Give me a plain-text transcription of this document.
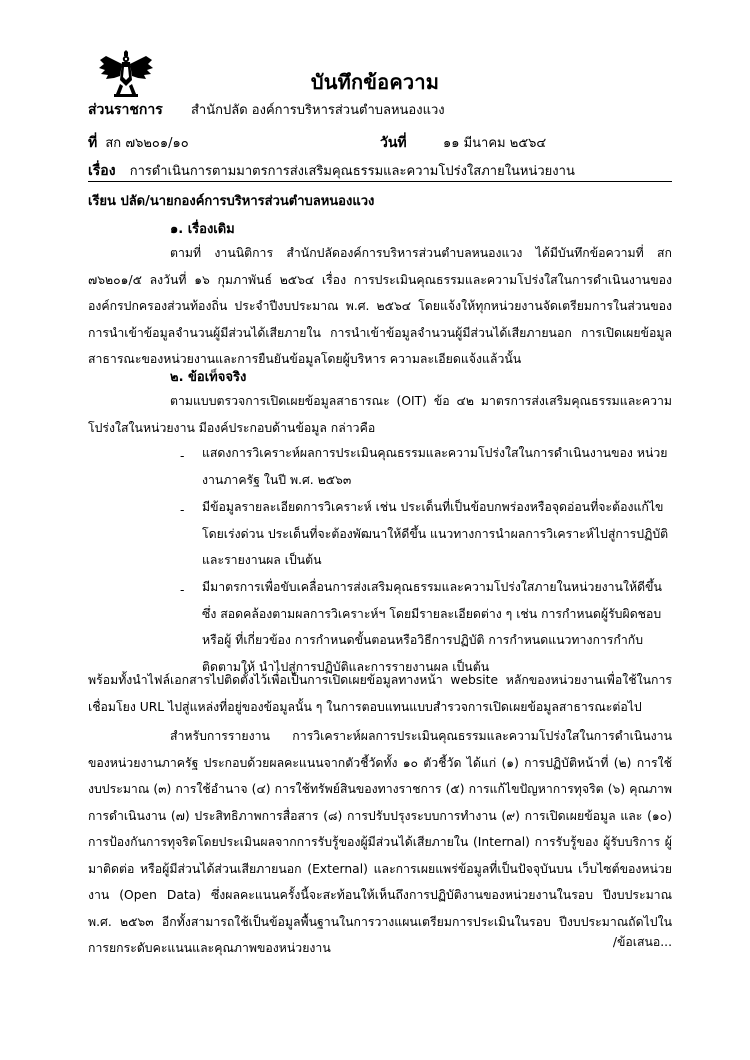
บันทึกข้อความ
ส่วนราชการ สำนักปลัด องค์การบริหารส่วนตำบลหนองแวง
ที่ สก ๗๖๒๐๑/๑๐	วันที่	๑๑ มีนาคม ๒๕๖๔
เรื่อง การดำเนินการตามมาตรการส่งเสริมคุณธรรมและความโปร่งใสภายในหน่วยงาน
เรียน ปลัด/นายกองค์การบริหารส่วนตำบลหนองแวง
๑. เรื่องเดิม

ตามที่ งานนิติการ สำนักปลัดองค์การบริหารส่วนตำบลหนองแวง ได้มีบันทึกข้อความที่ สก ๗๖๒๐๑/๕ ลงวันที่ ๑๖ กุมภาพันธ์ ๒๕๖๔ เรื่อง การประเมินคุณธรรมและความโปร่งใสในการดำเนินงานของ องค์กรปกครองส่วนท้องถิ่น ประจำปีงบประมาณ พ.ศ. ๒๕๖๔ โดยแจ้งให้ทุกหน่วยงานจัดเตรียมการในส่วนของ การนำเข้าข้อมูลจำนวนผู้มีส่วนได้เสียภายใน การนำเข้าข้อมูลจำนวนผู้มีส่วนได้เสียภายนอก การเปิดเผยข้อมูล สาธารณะของหน่วยงานและการยืนยันข้อมูลโดยผู้บริหาร ความละเอียดแจ้งแล้วนั้น

๒. ข้อเท็จจริง

ตามแบบตรวจการเปิดเผยข้อมูลสาธารณะ (OIT) ข้อ ๔๒ มาตรการส่งเสริมคุณธรรมและความ โปร่งใสในหน่วยงาน มีองค์ประกอบด้านข้อมูล กล่าวคือ

- แสดงการวิเคราะห์ผลการประเมินคุณธรรมและความโปร่งใสในการดำเนินงานของ หน่วยงานภาครัฐ ในปี พ.ศ. ๒๕๖๓

- มีข้อมูลรายละเอียดการวิเคราะห์ เช่น ประเด็นที่เป็นข้อบกพร่องหรือจุดอ่อนที่จะต้องแก้ไข โดยเร่งด่วน ประเด็นที่จะต้องพัฒนาให้ดีขึ้น แนวทางการนำผลการวิเคราะห์ไปสู่การปฏิบัติ และรายงานผล เป็นต้น

- มีมาตรการเพื่อขับเคลื่อนการส่งเสริมคุณธรรมและความโปร่งใสภายในหน่วยงานให้ดีขึ้น ซึ่ง สอดคล้องตามผลการวิเคราะห์ฯ โดยมีรายละเอียดต่าง ๆ เช่น การกำหนดผู้รับผิดชอบหรือผู้ ที่เกี่ยวข้อง การกำหนดขั้นตอนหรือวิธีการปฏิบัติ การกำหนดแนวทางการกำกับติดตามให้ นำไปสู่การปฏิบัติและการรายงานผล เป็นต้น

พร้อมทั้งนำไฟล์เอกสารไปติดตั้งไว้เพื่อเป็นการเปิดเผยข้อมูลทางหน้า website หลักของหน่วยงานเพื่อใช้ในการ เชื่อมโยง URL ไปสู่แหล่งที่อยู่ของข้อมูลนั้น ๆ ในการตอบแทนแบบสำรวจการเปิดเผยข้อมูลสาธารณะต่อไป

สำหรับการรายงาน การวิเคราะห์ผลการประเมินคุณธรรมและความโปร่งใสในการดำเนินงาน ของหน่วยงานภาครัฐ ประกอบด้วยผลคะแนนจากตัวชี้วัดทั้ง ๑๐ ตัวชี้วัด ได้แก่ (๑) การปฏิบัติหน้าที่ (๒) การใช้ งบประมาณ (๓) การใช้อำนาจ (๔) การใช้ทรัพย์สินของทางราชการ (๕) การแก้ไขปัญหาการทุจริต (๖) คุณภาพ การดำเนินงาน (๗) ประสิทธิภาพการสื่อสาร (๘) การปรับปรุงระบบการทำงาน (๙) การเปิดเผยข้อมูล และ (๑๐) การป้องกันการทุจริตโดยประเมินผลจากการรับรู้ของผู้มีส่วนได้เสียภายใน (Internal) การรับรู้ของ ผู้รับบริการ ผู้มาติดต่อ หรือผู้มีส่วนได้ส่วนเสียภายนอก (External) และการเผยแพร่ข้อมูลที่เป็นปัจจุบันบน เว็บไซต์ของหน่วยงาน (Open Data) ซึ่งผลคะแนนครั้งนี้จะสะท้อนให้เห็นถึงการปฏิบัติงานของหน่วยงานในรอบ ปีงบประมาณ พ.ศ. ๒๕๖๓ อีกทั้งสามารถใช้เป็นข้อมูลพื้นฐานในการวางแผนเตรียมการประเมินในรอบ ปีงบประมาณถัดไปในการยกระดับคะแนนและคุณภาพของหน่วยงาน	/ข้อเสนอ...
